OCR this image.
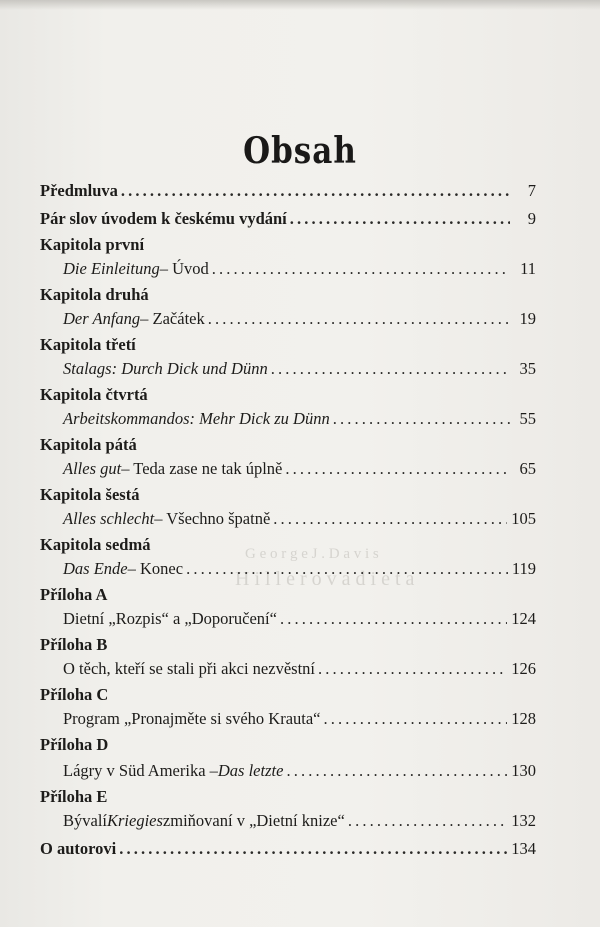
G e o r g e J . D a v i s
H i l l e r o v a d i e t a
Obsah
Předmluva . . .	7
Pár slov úvodem k českému vydání . . .	9
Kapitola první
Die Einleitung – Úvod . . .	11
Kapitola druhá
Der Anfang – Začátek . . .	19
Kapitola třetí
Stalags: Durch Dick und Dünn . . .	35
Kapitola čtvrtá
Arbeitskommandos: Mehr Dick zu Dünn . . .	55
Kapitola pátá
Alles gut – Teda zase ne tak úplně . . .	65
Kapitola šestá
Alles schlecht – Všechno špatně . . .	105
Kapitola sedmá
Das Ende – Konec . . .	119
Příloha A
Dietní „Rozpis“ a „Doporučení“ . . .	124
Příloha B
O těch, kteří se stali při akci nezvěstní . . .	126
Příloha C
Program „Pronajměte si svého Krauta“ . . .	128
Příloha D
Lágry v Süd Amerika – Das letzte . . .	130
Příloha E
Bývalí Kriegies zmiňovaní v „Dietní knize“ . . .	132
O autorovi . . .	134
